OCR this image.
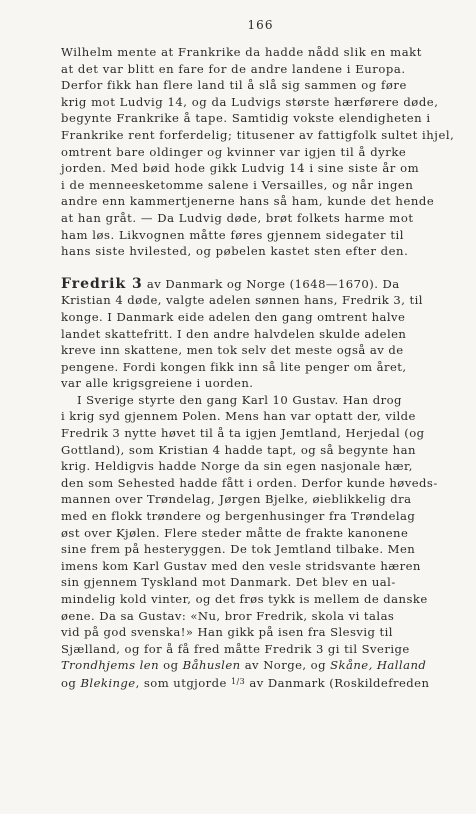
166
Wilhelm mente at Frankrike da hadde nådd slik en makt
at det var blitt en fare for de andre landene i Europa.
Derfor fikk han flere land til å slå sig sammen og føre
krig mot Ludvig 14, og da Ludvigs største hærførere døde,
begynte Frankrike å tape. Samtidig vokste elendigheten i
Frankrike rent forferdelig; titusener av fattigfolk sultet ihjel,
omtrent bare oldinger og kvinner var igjen til å dyrke
jorden. Med bøid hode gikk Ludvig 14 i sine siste år om
i de menneesketomme salene i Versailles, og når ingen
andre enn kammertjenerne hans så ham, kunde det hende
at han gråt. — Da Ludvig døde, brøt folkets harme mot
ham løs. Likvognen måtte føres gjennem sidegater til
hans siste hvilested, og pøbelen kastet sten efter den.
Fredrik 3 av Danmark og Norge (1648—1670). Da
Kristian 4 døde, valgte adelen sønnen hans, Fredrik 3, til
konge. I Danmark eide adelen den gang omtrent halve
landet skattefritt. I den andre halvdelen skulde adelen
kreve inn skattene, men tok selv det meste også av de
pengene. Fordi kongen fikk inn så lite penger om året,
var alle krigsgreiene i uorden.
I Sverige styrte den gang Karl 10 Gustav. Han drog
i krig syd gjennem Polen. Mens han var optatt der, vilde
Fredrik 3 nytte høvet til å ta igjen Jemtland, Herjedal (og
Gottland), som Kristian 4 hadde tapt, og så begynte han
krig. Heldigvis hadde Norge da sin egen nasjonale hær,
den som Sehested hadde fått i orden. Derfor kunde høveds-
mannen over Trøndelag, Jørgen Bjelke, øieblikkelig dra
med en flokk trøndere og bergenhusinger fra Trøndelag
øst over Kjølen. Flere steder måtte de frakte kanonene
sine frem på hesteryggen. De tok Jemtland tilbake. Men
imens kom Karl Gustav med den vesle stridsvante hæren
sin gjennem Tyskland mot Danmark. Det blev en ual-
mindelig kold vinter, og det frøs tykk is mellem de danske
øene. Da sa Gustav: «Nu, bror Fredrik, skola vi talas
vid på god svenska!» Han gikk på isen fra Slesvig til
Sjælland, og for å få fred måtte Fredrik 3 gi til Sverige
Trondhjems len og Båhuslen av Norge, og Skåne, Halland
og Blekinge, som utgjorde $^{1/3}$ av Danmark (Roskildefreden
